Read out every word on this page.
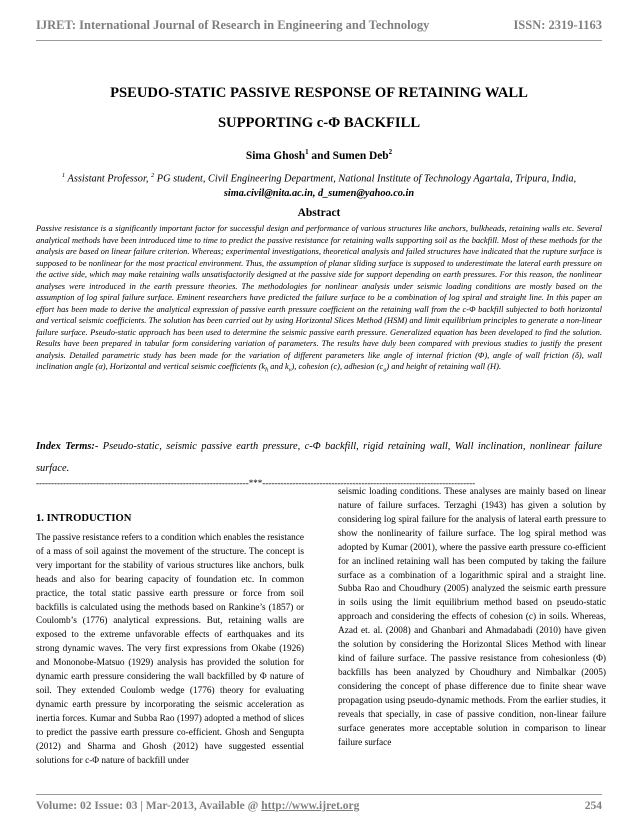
IJRET: International Journal of Research in Engineering and Technology	ISSN: 2319-1163
PSEUDO-STATIC PASSIVE RESPONSE OF RETAINING WALL
SUPPORTING c-Φ BACKFILL
Sima Ghosh$^1$ and Sumen Deb$^2$
$^1$ Assistant Professor, $^2$ PG student, Civil Engineering Department, National Institute of Technology Agartala, Tripura, India, sima.civil@nita.ac.in, d_sumen@yahoo.co.in
Abstract
Passive resistance is a significantly important factor for successful design and performance of various structures like anchors, bulkheads, retaining walls etc. Several analytical methods have been introduced time to time to predict the passive resistance for retaining walls supporting soil as the backfill. Most of these methods for the analysis are based on linear failure criterion. Whereas; experimental investigations, theoretical analysis and failed structures have indicated that the rupture surface is supposed to be nonlinear for the most practical environment. Thus, the assumption of planar sliding surface is supposed to underestimate the lateral earth pressure on the active side, which may make retaining walls unsatisfactorily designed at the passive side for support depending on earth pressures. For this reason, the nonlinear analyses were introduced in the earth pressure theories. The methodologies for nonlinear analysis under seismic loading conditions are mostly based on the assumption of log spiral failure surface. Eminent researchers have predicted the failure surface to be a combination of log spiral and straight line. In this paper an effort has been made to derive the analytical expression of passive earth pressure coefficient on the retaining wall from the c-Φ backfill subjected to both horizontal and vertical seismic coefficients. The solution has been carried out by using Horizontal Slices Method (HSM) and limit equilibrium principles to generate a non-linear failure surface. Pseudo-static approach has been used to determine the seismic passive earth pressure. Generalized equation has been developed to find the solution. Results have been prepared in tabular form considering variation of parameters. The results have duly been compared with previous studies to justify the present analysis. Detailed parametric study has been made for the variation of different parameters like angle of internal friction (Φ), angle of wall friction (δ), wall inclination angle (α), Horizontal and vertical seismic coefficients ($k_h$ and $k_v$), cohesion (c), adhesion $(c_a)$ and height of retaining wall (H).
Index Terms:- Pseudo-static, seismic passive earth pressure, c-Φ backfill, rigid retaining wall, Wall inclination, nonlinear failure surface.
-----------------------------------------------------------------------***-----------------------------------------------------------------------
1. INTRODUCTION

The passive resistance refers to a condition which enables the resistance of a mass of soil against the movement of the structure. The concept is very important for the stability of various structures like anchors, bulk heads and also for bearing capacity of foundation etc. In common practice, the total static passive earth pressure or force from soil backfills is calculated using the methods based on Rankine’s (1857) or Coulomb’s (1776) analytical expressions. But, retaining walls are exposed to the extreme unfavorable effects of earthquakes and its strong dynamic waves. The very first expressions from Okabe (1926) and Mononobe-Matsuo (1929) analysis has provided the solution for dynamic earth pressure considering the wall backfilled by Φ nature of soil. They extended Coulomb wedge (1776) theory for evaluating dynamic earth pressure by incorporating the seismic acceleration as inertia forces. Kumar and Subba Rao (1997) adopted a method of slices to predict the passive earth pressure co-efficient. Ghosh and Sengupta (2012) and Sharma and Ghosh (2012) have suggested essential solutions for c-Φ nature of backfill under

seismic loading conditions. These analyses are mainly based on linear nature of failure surfaces. Terzaghi (1943) has given a solution by considering log spiral failure for the analysis of lateral earth pressure to show the nonlinearity of failure surface. The log spiral method was adopted by Kumar (2001), where the passive earth pressure co-efficient for an inclined retaining wall has been computed by taking the failure surface as a combination of a logarithmic spiral and a straight line. Subba Rao and Choudhury (2005) analyzed the seismic earth pressure in soils using the limit equilibrium method based on pseudo-static approach and considering the effects of cohesion (c) in soils. Whereas, Azad et. al. (2008) and Ghanbari and Ahmadabadi (2010) have given the solution by considering the Horizontal Slices Method with linear kind of failure surface. The passive resistance from cohesionless (Φ) backfills has been analyzed by Choudhury and Nimbalkar (2005) considering the concept of phase difference due to finite shear wave propagation using pseudo-dynamic methods. From the earlier studies, it reveals that specially, in case of passive condition, non-linear failure surface generates more acceptable solution in comparison to linear failure surface

Volume: 02 Issue: 03 | Mar-2013, Available @ http://www.ijret.org	254
